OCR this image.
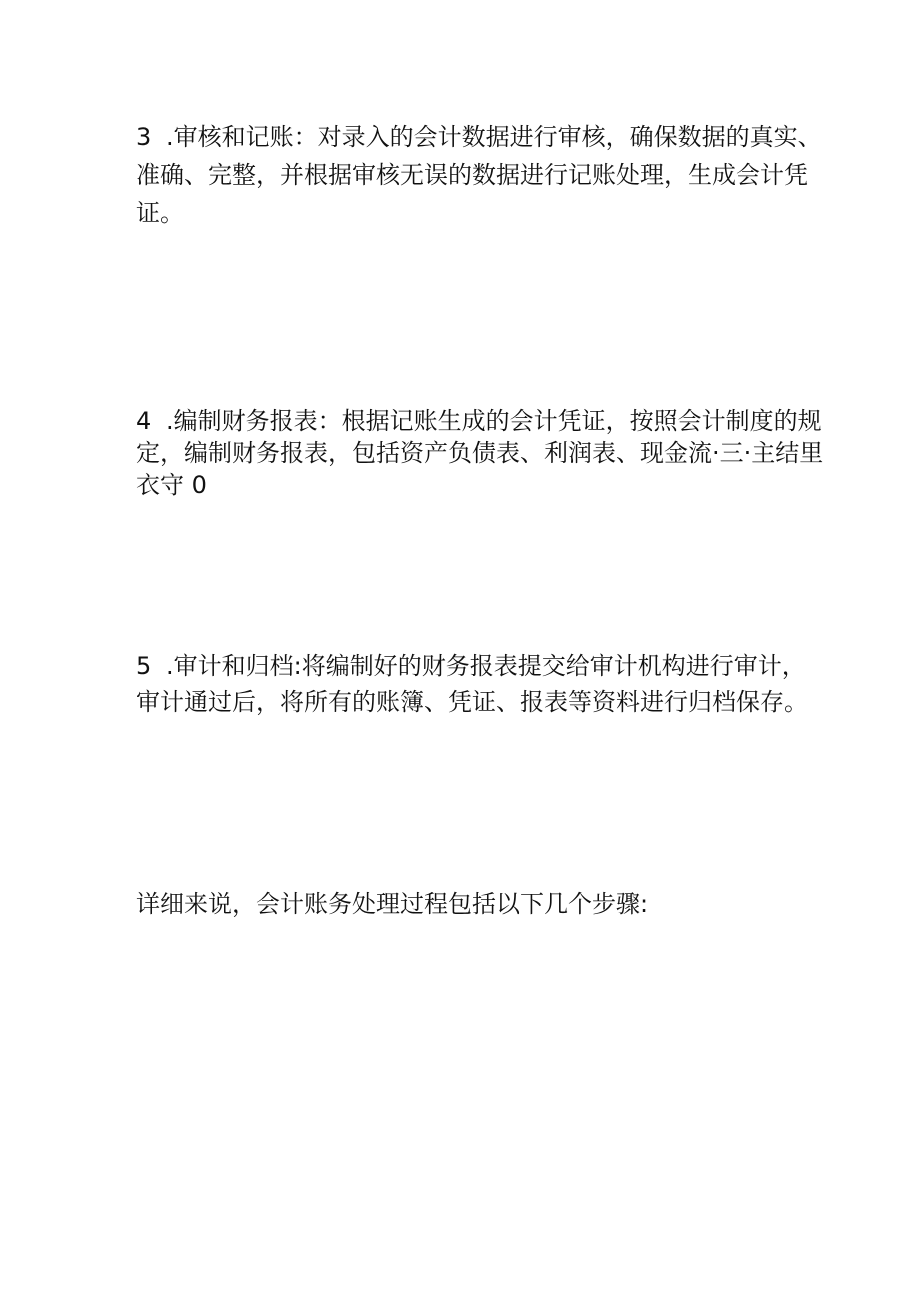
3 .审核和记账：对录入的会计数据进行审核，确保数据的真实、
准确、完整，并根据审核无误的数据进行记账处理，生成会计凭
证。

4 .编制财务报表：根据记账生成的会计凭证，按照会计制度的规
定，编制财务报表，包括资产负债表、利润表、现金流·三·主结里
衣守 0

5 .审计和归档:将编制好的财务报表提交给审计机构进行审计，
审计通过后，将所有的账簿、凭证、报表等资料进行归档保存。

详细来说，会计账务处理过程包括以下几个步骤:
